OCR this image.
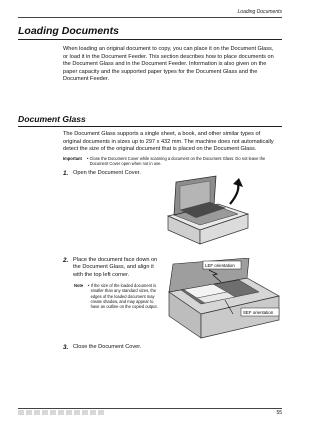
Loading Documents
Loading Documents

When loading an original document to copy, you can place it on the Document Glass, or load it in the Document Feeder. This section describes how to place documents on the Document Glass and in the Document Feeder. Information is also given on the paper capacity and the supported paper types for the Document Glass and the Document Feeder.

Document Glass

The Document Glass supports a single sheet, a book, and other similar types of original documents in sizes up to 297 x 432 mm. The machine does not automatically detect the size of the original document that is placed on the Document Glass.

Important	• Close the Document Cover while scanning a document on the Document Glass. Do not leave the Document Cover open when not in use.
1. Open the Document Cover.
2. Place the document face down on the Document Glass, and align it with the top left corner.
Note	• If the size of the loaded document is smaller than any standard sizes, the edges of the loaded document may create shadow, and may appear to have an outline on the copied output.
LEF orientation
SEF orientation
3. Close the Document Cover.
55
